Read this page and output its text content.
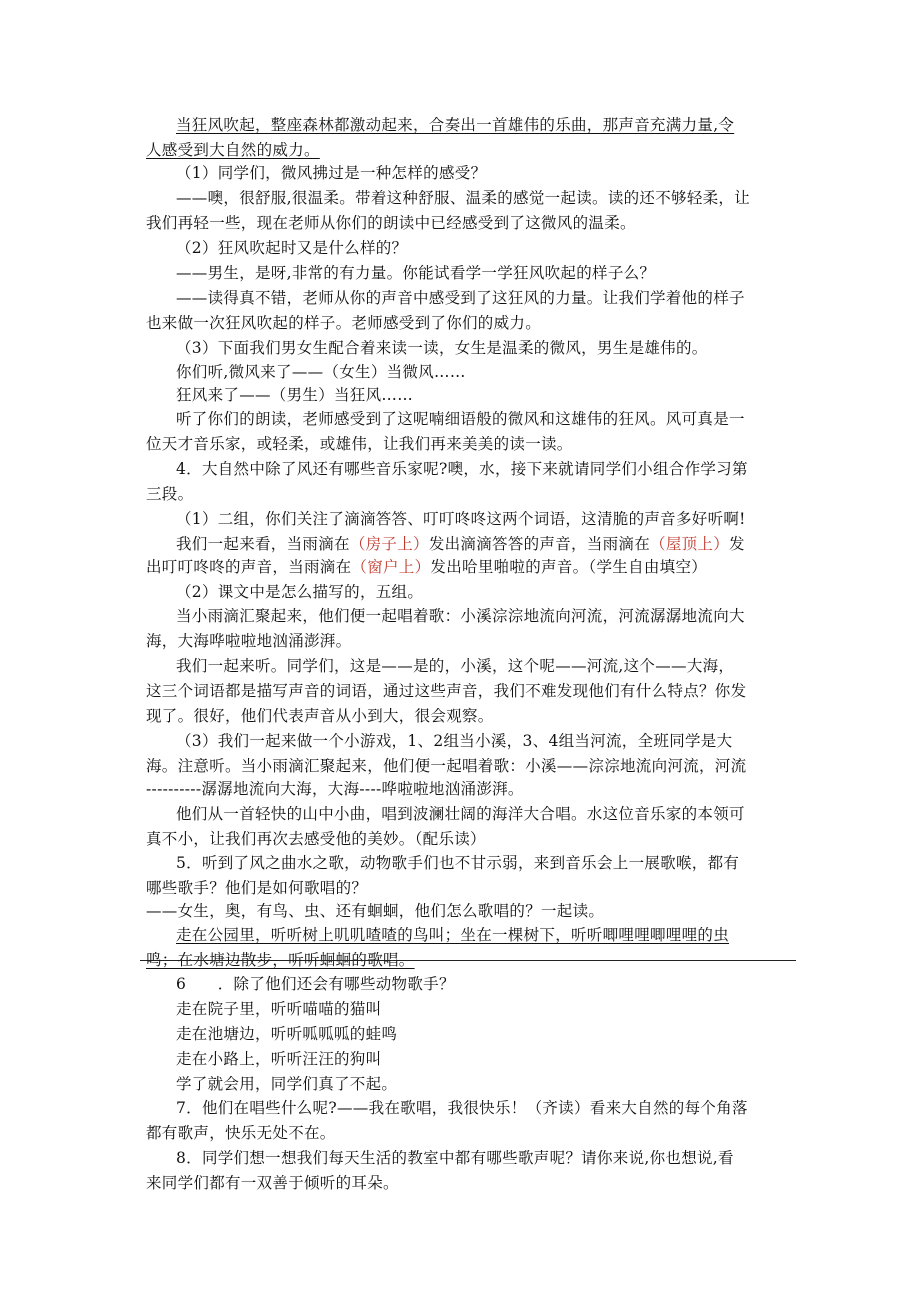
当狂风吹起，整座森林都激动起来，合奏出一首雄伟的乐曲，那声音充满力量,令
人感受到大自然的威力。
（1）同学们，微风拂过是一种怎样的感受？
——噢，很舒服,很温柔。带着这种舒服、温柔的感觉一起读。读的还不够轻柔，让
我们再轻一些，现在老师从你们的朗读中已经感受到了这微风的温柔。
（2）狂风吹起时又是什么样的？
——男生，是呀,非常的有力量。你能试看学一学狂风吹起的样子么？
——读得真不错，老师从你的声音中感受到了这狂风的力量。让我们学着他的样子
也来做一次狂风吹起的样子。老师感受到了你们的威力。
（3）下面我们男女生配合着来读一读，女生是温柔的微风，男生是雄伟的。
你们听,微风来了——（女生）当微风……
狂风来了——（男生）当狂风……
听了你们的朗读，老师感受到了这呢喃细语般的微风和这雄伟的狂风。风可真是一
位天才音乐家，或轻柔，或雄伟，让我们再来美美的读一读。
4．大自然中除了风还有哪些音乐家呢?噢，水，接下来就请同学们小组合作学习第
三段。
（1）二组，你们关注了滴滴答答、叮叮咚咚这两个词语，这清脆的声音多好听啊!
我们一起来看，当雨滴在（房子上）发出滴滴答答的声音，当雨滴在（屋顶上）发
出叮叮咚咚的声音，当雨滴在（窗户上）发出哈里啪啦的声音。（学生自由填空）
（2）课文中是怎么描写的，五组。
当小雨滴汇聚起来，他们便一起唱着歌：小溪淙淙地流向河流，河流潺潺地流向大
海，大海哗啦啦地汹涌澎湃。
我们一起来听。同学们，这是——是的，小溪，这个呢——河流,这个——大海，
这三个词语都是描写声音的词语，通过这些声音，我们不难发现他们有什么特点？你发
现了。很好，他们代表声音从小到大，很会观察。
（3）我们一起来做一个小游戏，1、2组当小溪，3、4组当河流，全班同学是大
海。注意听。当小雨滴汇聚起来，他们便一起唱着歌：小溪——淙淙地流向河流，河流
----------潺潺地流向大海，大海----哗啦啦地汹涌澎湃。
他们从一首轻快的山中小曲，唱到波澜壮阔的海洋大合唱。水这位音乐家的本领可
真不小，让我们再次去感受他的美妙。（配乐读）
5．听到了风之曲水之歌，动物歌手们也不甘示弱，来到音乐会上一展歌喉，都有
哪些歌手？他们是如何歌唱的？
——女生，奥，有鸟、虫、还有蛔蛔，他们怎么歌唱的？一起读。
走在公园里，听听树上叽叽喳喳的鸟叫；坐在一棵树下，听听唧哩哩唧哩哩的虫
鸣；在水塘边散步，听听蛔蛔的歌唱。
6　　．除了他们还会有哪些动物歌手？
走在院子里，听听喵喵的猫叫
走在池塘边，听听呱呱呱的蛙鸣
走在小路上，听听汪汪的狗叫
学了就会用，同学们真了不起。
7．他们在唱些什么呢?——我在歌唱，我很快乐！（齐读）看来大自然的每个角落
都有歌声，快乐无处不在。
8．同学们想一想我们每天生活的教室中都有哪些歌声呢？请你来说,你也想说,看
来同学们都有一双善于倾听的耳朵。
